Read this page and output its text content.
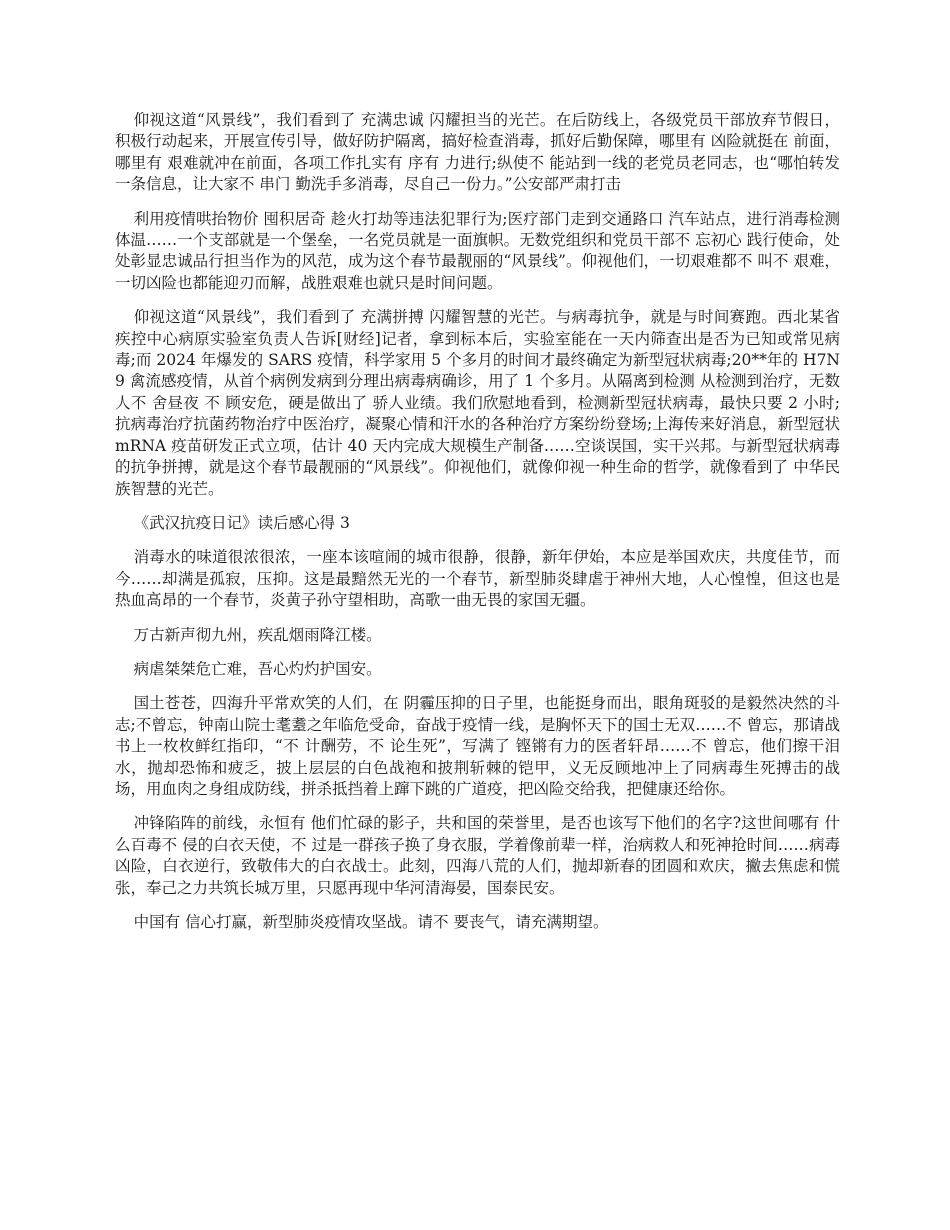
仰视这道“风景线”，我们看到了 充满忠诚 闪耀担当的光芒。在后防线上，各级党员干部放弃节假日，积极行动起来，开展宣传引导，做好防护隔离，搞好检查消毒，抓好后勤保障，哪里有 凶险就挺在 前面，哪里有 艰难就冲在前面，各项工作扎实有 序有 力进行;纵使不 能站到一线的老党员老同志，也“哪怕转发一条信息，让大家不 串门 勤洗手多消毒，尽自己一份力。”公安部严肃打击

利用疫情哄抬物价 囤积居奇 趁火打劫等违法犯罪行为;医疗部门走到交通路口 汽车站点，进行消毒检测体温……一个支部就是一个堡垒，一名党员就是一面旗帜。无数党组织和党员干部不 忘初心 践行使命，处处彰显忠诚品行担当作为的风范，成为这个春节最靓丽的“风景线”。仰视他们，一切艰难都不 叫不 艰难，一切凶险也都能迎刃而解，战胜艰难也就只是时间问题。

仰视这道“风景线”，我们看到了 充满拼搏 闪耀智慧的光芒。与病毒抗争，就是与时间赛跑。西北某省疾控中心病原实验室负责人告诉[财经]记者，拿到标本后，实验室能在一天内筛查出是否为已知或常见病毒;而 2024 年爆发的 SARS 疫情，科学家用 5 个多月的时间才最终确定为新型冠状病毒;20**年的 H7N9 禽流感疫情，从首个病例发病到分理出病毒病确诊，用了 1 个多月。从隔离到检测 从检测到治疗，无数人不 舍昼夜 不 顾安危，硬是做出了 骄人业绩。我们欣慰地看到，检测新型冠状病毒，最快只要 2 小时;抗病毒治疗抗菌药物治疗中医治疗，凝聚心情和汗水的各种治疗方案纷纷登场;上海传来好消息，新型冠状 mRNA 疫苗研发正式立项，估计 40 天内完成大规模生产制备……空谈误国，实干兴邦。与新型冠状病毒的抗争拼搏，就是这个春节最靓丽的“风景线”。仰视他们，就像仰视一种生命的哲学，就像看到了 中华民族智慧的光芒。

《武汉抗疫日记》读后感心得 3

消毒水的味道很浓很浓，一座本该喧闹的城市很静，很静，新年伊始，本应是举国欢庆，共度佳节，而今……却满是孤寂，压抑。这是最黯然无光的一个春节，新型肺炎肆虐于神州大地，人心惶惶，但这也是热血高昂的一个春节，炎黄子孙守望相助，高歌一曲无畏的家国无疆。

万古新声彻九州，疾乱烟雨降江楼。

病虐桀桀危亡难，吾心灼灼护国安。

国土苍苍，四海升平常欢笑的人们，在 阴霾压抑的日子里，也能挺身而出，眼角斑驳的是毅然决然的斗志;不曾忘，钟南山院士耄耋之年临危受命，奋战于疫情一线，是胸怀天下的国士无双……不 曾忘，那请战书上一枚枚鲜红指印，“不 计酬劳，不 论生死”，写满了 铿锵有力的医者轩昂……不 曾忘，他们擦干泪水，抛却恐怖和疲乏，披上层层的白色战袍和披荆斩棘的铠甲，义无反顾地冲上了同病毒生死搏击的战场，用血肉之身组成防线，拼杀抵挡着上蹿下跳的广道疫，把凶险交给我，把健康还给你。

冲锋陷阵的前线，永恒有 他们忙碌的影子，共和国的荣誉里，是否也该写下他们的名字?这世间哪有 什么百毒不 侵的白衣天使，不 过是一群孩子换了身衣服，学着像前辈一样，治病救人和死神抢时间……病毒凶险，白衣逆行，致敬伟大的白衣战士。此刻，四海八荒的人们，抛却新春的团圆和欢庆，撇去焦虑和慌张，奉己之力共筑长城万里，只愿再现中华河清海晏，国泰民安。

中国有 信心打赢，新型肺炎疫情攻坚战。请不 要丧气，请充满期望。
